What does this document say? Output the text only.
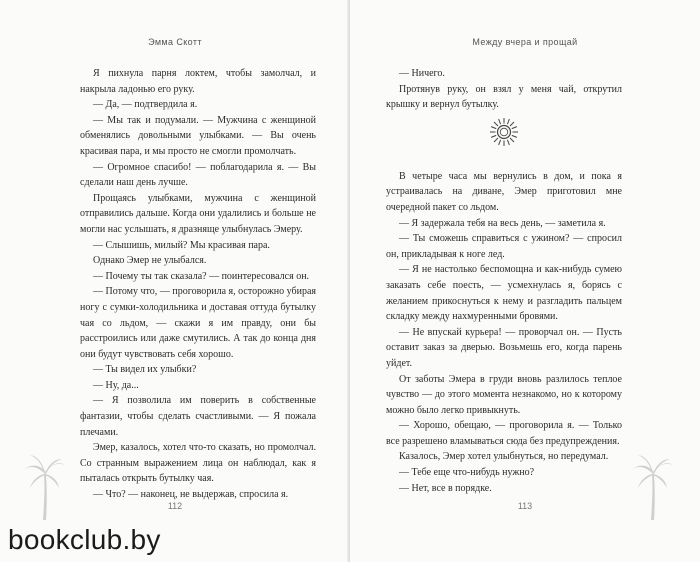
Эмма Скотт

Я пихнула парня локтем, чтобы замолчал, и накрыла ладонью его руку.

— Да, — подтвердила я.

— Мы так и подумали. — Мужчина с женщиной обменялись довольными улыбками. — Вы очень красивая пара, и мы просто не смогли промолчать.

— Огромное спасибо! — поблагодарила я. — Вы сделали наш день лучше.

Прощаясь улыбками, мужчина с женщиной отправились дальше. Когда они удалились и больше не могли нас услышать, я дразняще улыбнулась Эмеру.

— Слышишь, милый? Мы красивая пара.

Однако Эмер не улыбался.

— Почему ты так сказала? — поинтересовался он.

— Потому что, — проговорила я, осторожно убирая ногу с сумки-холодильника и доставая оттуда бутылку чая со льдом, — скажи я им правду, они бы расстроились или даже смутились. А так до конца дня они будут чувствовать себя хорошо.

— Ты видел их улыбки?

— Ну, да...

— Я позволила им поверить в собственные фантазии, чтобы сделать счастливыми. — Я пожала плечами.

Эмер, казалось, хотел что-то сказать, но промолчал. Со странным выражением лица он наблюдал, как я пыталась открыть бутылку чая.

— Что? — наконец, не выдержав, спросила я.

112
Между вчера и прощай

— Ничего.

Протянув руку, он взял у меня чай, открутил крышку и вернул бутылку.

В четыре часа мы вернулись в дом, и пока я устраивалась на диване, Эмер приготовил мне очередной пакет со льдом.

— Я задержала тебя на весь день, — заметила я.

— Ты сможешь справиться с ужином? — спросил он, прикладывая к ноге лед.

— Я не настолько беспомощна и как-нибудь сумею заказать себе поесть, — усмехнулась я, борясь с желанием прикоснуться к нему и разгладить пальцем складку между нахмуренными бровями.

— Не впускай курьера! — проворчал он. — Пусть оставит заказ за дверью. Возьмешь его, когда парень уйдет.

От заботы Эмера в груди вновь разлилось теплое чувство — до этого момента незнакомо, но к которому можно было легко привыкнуть.

— Хорошо, обещаю, — проговорила я. — Только все разрешено вламываться сюда без предупреждения.

Казалось, Эмер хотел улыбнуться, но передумал.

— Тебе еще что-нибудь нужно?

— Нет, все в порядке.

113
bookclub.by
